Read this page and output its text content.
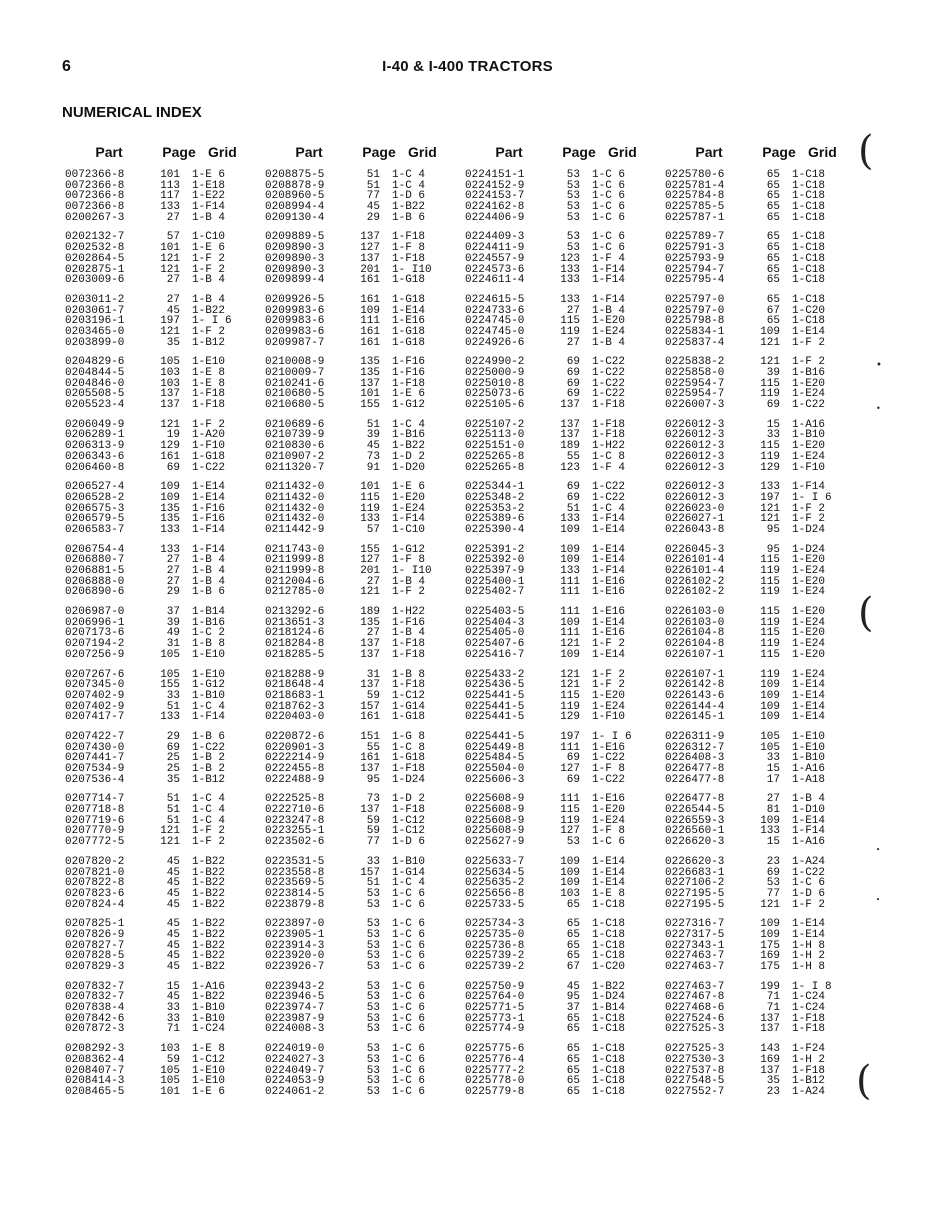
6	I-40 & I-400 TRACTORS
NUMERICAL INDEX
Part	Page Grid
0072366-8	101	1-E 6
0072366-8	113	1-E18
0072366-8	117	1-E22
0072366-8	133	1-F14
0200267-3	27	1-B 4
0202132-7	57	1-C10
0202532-8	101	1-E 6
0202864-5	121	1-F 2
0202875-1	121	1-F 2
0203009-6	27	1-B 4
0203011-2	27	1-B 4
0203061-7	45	1-B22
0203196-1	197	1- I 6
0203465-0	121	1-F 2
0203899-0	35	1-B12
0204829-6	105	1-E10
0204844-5	103	1-E 8
0204846-0	103	1-E 8
0205508-5	137	1-F18
0205523-4	137	1-F18
0206049-9	121	1-F 2
0206289-1	19	1-A20
0206313-9	129	1-F10
0206343-6	161	1-G18
0206460-8	69	1-C22
0206527-4	109	1-E14
0206528-2	109	1-E14
0206575-3	135	1-F16
0206579-5	135	1-F16
0206583-7	133	1-F14
0206754-4	133	1-F14
0206880-7	27	1-B 4
0206881-5	27	1-B 4
0206888-0	27	1-B 4
0206890-6	29	1-B 6
0206987-0	37	1-B14
0206996-1	39	1-B16
0207173-6	49	1-C 2
0207194-2	31	1-B 8
0207256-9	105	1-E10
0207267-6	105	1-E10
0207345-0	155	1-G12
0207402-9	33	1-B10
0207402-9	51	1-C 4
0207417-7	133	1-F14
0207422-7	29	1-B 6
0207430-0	69	1-C22
0207441-7	25	1-B 2
0207534-9	25	1-B 2
0207536-4	35	1-B12
0207714-7	51	1-C 4
0207718-8	51	1-C 4
0207719-6	51	1-C 4
0207770-9	121	1-F 2
0207772-5	121	1-F 2
0207820-2	45	1-B22
0207821-0	45	1-B22
0207822-8	45	1-B22
0207823-6	45	1-B22
0207824-4	45	1-B22
0207825-1	45	1-B22
0207826-9	45	1-B22
0207827-7	45	1-B22
0207828-5	45	1-B22
0207829-3	45	1-B22
0207832-7	15	1-A16
0207832-7	45	1-B22
0207838-4	33	1-B10
0207842-6	33	1-B10
0207872-3	71	1-C24
0208292-3	103	1-E 8
0208362-4	59	1-C12
0208407-7	105	1-E10
0208414-3	105	1-E10
0208465-5	101	1-E 6
Part	Page Grid
0208875-5	51	1-C 4
0208878-9	51	1-C 4
0208960-5	77	1-D 6
0208994-4	45	1-B22
0209130-4	29	1-B 6
0209889-5	137	1-F18
0209890-3	127	1-F 8
0209890-3	137	1-F18
0209890-3	201	1- I10
0209899-4	161	1-G18
0209926-5	161	1-G18
0209983-6	109	1-E14
0209983-6	111	1-E16
0209983-6	161	1-G18
0209987-7	161	1-G18
0210008-9	135	1-F16
0210009-7	135	1-F16
0210241-6	137	1-F18
0210680-5	101	1-E 6
0210680-5	155	1-G12
0210689-6	51	1-C 4
0210739-9	39	1-B16
0210830-6	45	1-B22
0210907-2	73	1-D 2
0211320-7	91	1-D20
0211432-0	101	1-E 6
0211432-0	115	1-E20
0211432-0	119	1-E24
0211432-0	133	1-F14
0211442-9	57	1-C10
0211743-0	155	1-G12
0211999-8	127	1-F 8
0211999-8	201	1- I10
0212004-6	27	1-B 4
0212785-0	121	1-F 2
0213292-6	189	1-H22
0213651-3	135	1-F16
0218124-6	27	1-B 4
0218284-8	137	1-F18
0218285-5	137	1-F18
0218288-9	31	1-B 8
0218648-4	137	1-F18
0218683-1	59	1-C12
0218762-3	157	1-G14
0220403-0	161	1-G18
0220872-6	151	1-G 8
0220901-3	55	1-C 8
0222214-9	161	1-G18
0222455-8	137	1-F18
0222488-9	95	1-D24
0222525-8	73	1-D 2
0222710-6	137	1-F18
0223247-8	59	1-C12
0223255-1	59	1-C12
0223502-6	77	1-D 6
0223531-5	33	1-B10
0223558-8	157	1-G14
0223569-5	51	1-C 4
0223814-5	53	1-C 6
0223879-8	53	1-C 6
0223897-0	53	1-C 6
0223905-1	53	1-C 6
0223914-3	53	1-C 6
0223920-0	53	1-C 6
0223926-7	53	1-C 6
0223943-2	53	1-C 6
0223946-5	53	1-C 6
0223974-7	53	1-C 6
0223987-9	53	1-C 6
0224008-3	53	1-C 6
0224019-0	53	1-C 6
0224027-3	53	1-C 6
0224049-7	53	1-C 6
0224053-9	53	1-C 6
0224061-2	53	1-C 6
Part	Page Grid
0224151-1	53	1-C 6
0224152-9	53	1-C 6
0224153-7	53	1-C 6
0224162-8	53	1-C 6
0224406-9	53	1-C 6
0224409-3	53	1-C 6
0224411-9	53	1-C 6
0224557-9	123	1-F 4
0224573-6	133	1-F14
0224611-4	133	1-F14
0224615-5	133	1-F14
0224733-6	27	1-B 4
0224745-0	115	1-E20
0224745-0	119	1-E24
0224926-6	27	1-B 4
0224990-2	69	1-C22
0225000-9	69	1-C22
0225010-8	69	1-C22
0225073-6	69	1-C22
0225105-6	137	1-F18
0225107-2	137	1-F18
0225113-0	137	1-F18
0225151-0	189	1-H22
0225265-8	55	1-C 8
0225265-8	123	1-F 4
0225344-1	69	1-C22
0225348-2	69	1-C22
0225353-2	51	1-C 4
0225389-6	133	1-F14
0225390-4	109	1-E14
0225391-2	109	1-E14
0225392-0	109	1-E14
0225397-9	133	1-F14
0225400-1	111	1-E16
0225402-7	111	1-E16
0225403-5	111	1-E16
0225404-3	109	1-E14
0225405-0	111	1-E16
0225407-6	121	1-F 2
0225416-7	109	1-E14
0225433-2	121	1-F 2
0225436-5	121	1-F 2
0225441-5	115	1-E20
0225441-5	119	1-E24
0225441-5	129	1-F10
0225441-5	197	1- I 6
0225449-8	111	1-E16
0225484-5	69	1-C22
0225504-0	127	1-F 8
0225606-3	69	1-C22
0225608-9	111	1-E16
0225608-9	115	1-E20
0225608-9	119	1-E24
0225608-9	127	1-F 8
0225627-9	53	1-C 6
0225633-7	109	1-E14
0225634-5	109	1-E14
0225635-2	109	1-E14
0225656-8	103	1-E 8
0225733-5	65	1-C18
0225734-3	65	1-C18
0225735-0	65	1-C18
0225736-8	65	1-C18
0225739-2	65	1-C18
0225739-2	67	1-C20
0225750-9	45	1-B22
0225764-0	95	1-D24
0225771-5	37	1-B14
0225773-1	65	1-C18
0225774-9	65	1-C18
0225775-6	65	1-C18
0225776-4	65	1-C18
0225777-2	65	1-C18
0225778-0	65	1-C18
0225779-8	65	1-C18
Part	Page Grid
0225780-6	65	1-C18
0225781-4	65	1-C18
0225784-8	65	1-C18
0225785-5	65	1-C18
0225787-1	65	1-C18
0225789-7	65	1-C18
0225791-3	65	1-C18
0225793-9	65	1-C18
0225794-7	65	1-C18
0225795-4	65	1-C18
0225797-0	65	1-C18
0225797-0	67	1-C20
0225798-8	65	1-C18
0225834-1	109	1-E14
0225837-4	121	1-F 2
0225838-2	121	1-F 2
0225858-0	39	1-B16
0225954-7	115	1-E20
0225954-7	119	1-E24
0226007-3	69	1-C22
0226012-3	15	1-A16
0226012-3	33	1-B10
0226012-3	115	1-E20
0226012-3	119	1-E24
0226012-3	129	1-F10
0226012-3	133	1-F14
0226012-3	197	1- I 6
0226023-0	121	1-F 2
0226027-1	121	1-F 2
0226043-8	95	1-D24
0226045-3	95	1-D24
0226101-4	115	1-E20
0226101-4	119	1-E24
0226102-2	115	1-E20
0226102-2	119	1-E24
0226103-0	115	1-E20
0226103-0	119	1-E24
0226104-8	115	1-E20
0226104-8	119	1-E24
0226107-1	115	1-E20
0226107-1	119	1-E24
0226142-8	109	1-E14
0226143-6	109	1-E14
0226144-4	109	1-E14
0226145-1	109	1-E14
0226311-9	105	1-E10
0226312-7	105	1-E10
0226408-3	33	1-B10
0226477-8	15	1-A16
0226477-8	17	1-A18
0226477-8	27	1-B 4
0226544-5	81	1-D10
0226559-3	109	1-E14
0226560-1	133	1-F14
0226620-3	15	1-A16
0226620-3	23	1-A24
0226683-1	69	1-C22
0227106-2	53	1-C 6
0227195-5	77	1-D 6
0227195-5	121	1-F 2
0227316-7	109	1-E14
0227317-5	109	1-E14
0227343-1	175	1-H 8
0227463-7	169	1-H 2
0227463-7	175	1-H 8
0227463-7	199	1- I 8
0227467-8	71	1-C24
0227468-6	71	1-C24
0227524-6	137	1-F18
0227525-3	137	1-F18
0227525-3	143	1-F24
0227530-3	169	1-H 2
0227537-8	137	1-F18
0227548-5	35	1-B12
0227552-7	23	1-A24
(
(
(
•
•
•
•
